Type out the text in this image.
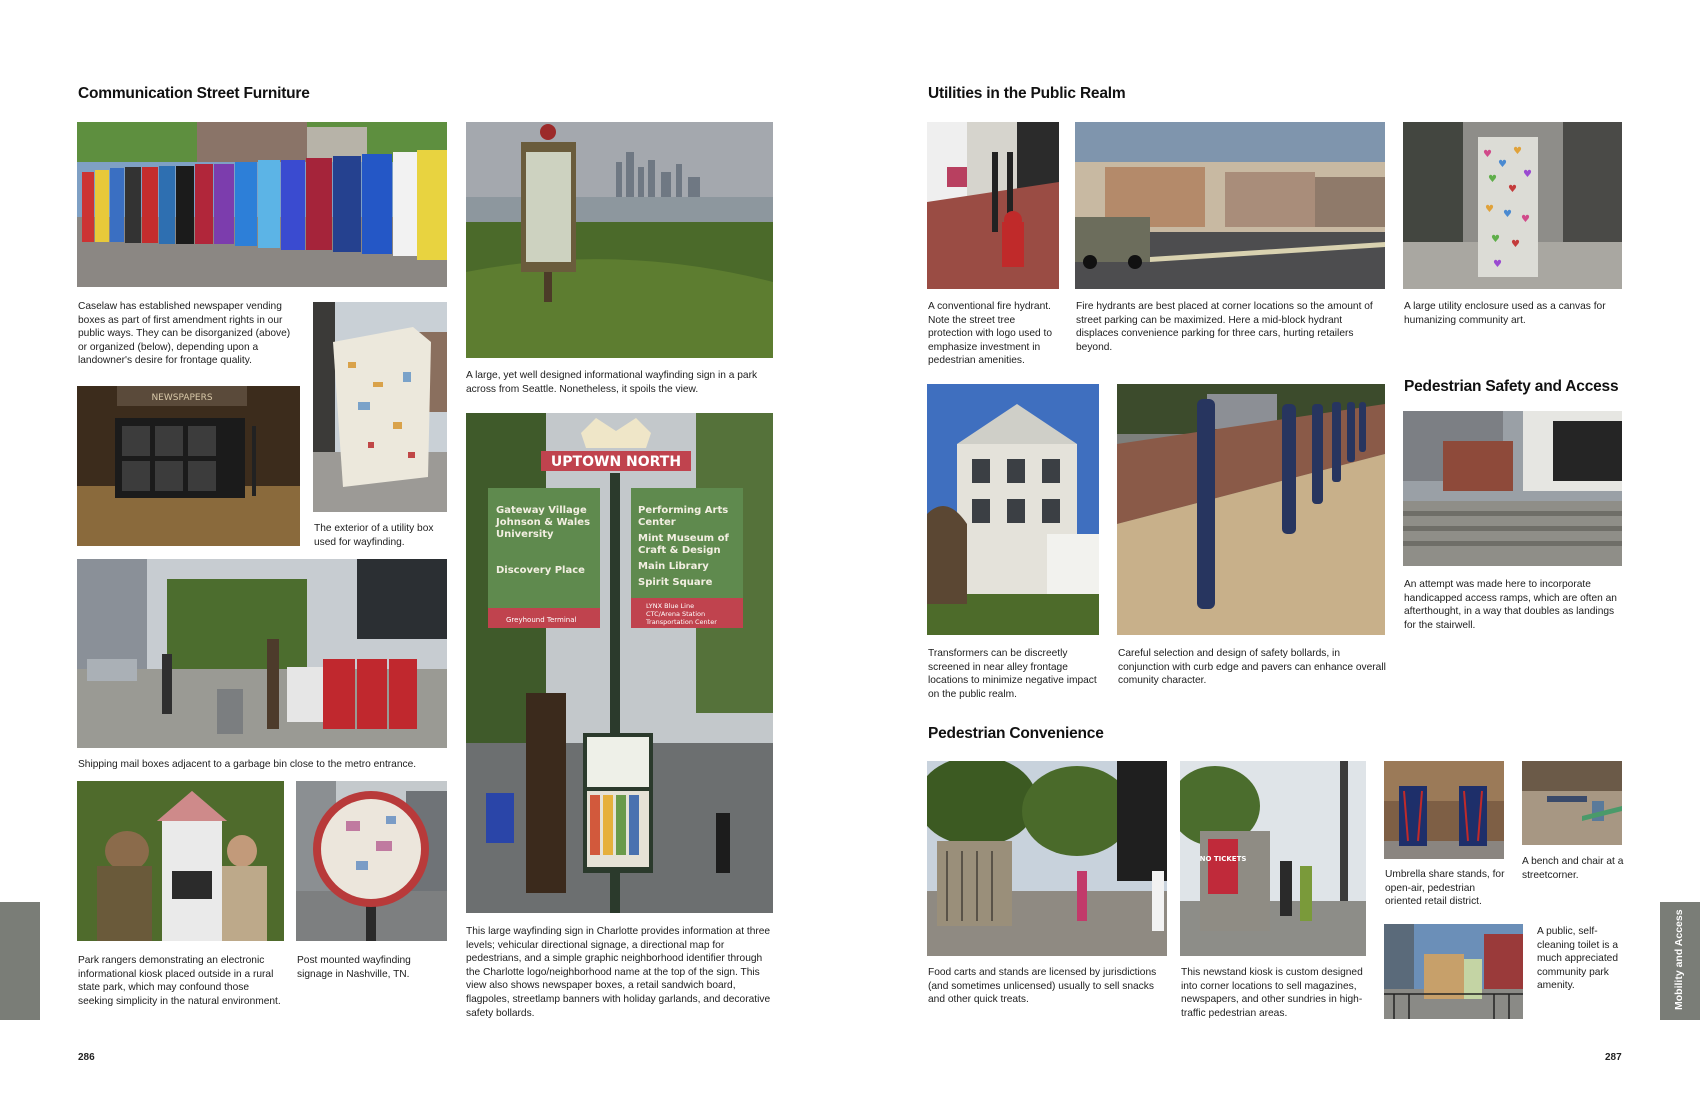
Communication Street Furniture
Caselaw has established newspaper vending boxes as part of first amendment rights in our public ways. They can be disorganized (above) or organized (below), depending upon a landowner's desire for frontage quality.
NEWSPAPERS
The exterior of a utility box used for wayfinding.
A large, yet well designed informational wayfinding sign in a park across from Seattle. Nonetheless, it spoils the view.
Shipping mail boxes adjacent to a garbage bin close to the metro entrance.
Park rangers demonstrating an electronic informational kiosk placed outside in a rural state park, which may confound those seeking simplicity in the natural environment.
Post mounted wayfinding signage in Nashville, TN.
UPTOWN NORTH
Gateway Village
Johnson & Wales
University
Discovery Place
Greyhound Terminal
Performing Arts
Center
Mint Museum of
Craft & Design
Main Library
Spirit Square
LYNX Blue Line
CTC/Arena Station
Transportation Center
This large wayfinding sign in Charlotte provides information at three levels; vehicular directional signage, a directional map for pedestrians, and a simple graphic neighborhood identifier through the Charlotte logo/neighborhood name at the top of the sign. This view also shows newspaper boxes, a retail sandwich board, flagpoles, streetlamp banners with holiday garlands, and decorative safety bollards.
286
Utilities in the Public Realm
♥
♥
♥
♥
♥
♥
♥ ♥ ♥
♥ ♥
♥
A conventional fire hydrant. Note the street tree protection with logo used to emphasize investment in pedestrian amenities.
Fire hydrants are best placed at corner locations so the amount of street parking can be maximized. Here a mid-block hydrant displaces convenience parking for three cars, hurting retailers beyond.
A large utility enclosure used as a canvas for humanizing community art.
Pedestrian Safety and Access
An attempt was made here to incorporate handicapped access ramps, which are often an afterthought, in a way that doubles as landings for the stairwell.
Transformers can be discreetly screened in near alley frontage locations to minimize negative impact on the public realm.
Careful selection and design of safety bollards, in conjunction with curb edge and pavers can enhance overall comunity character.
Pedestrian Convenience
NO TICKETS
Umbrella share stands, for open-air, pedestrian oriented retail district.
A bench and chair at a streetcorner.
A public, self-cleaning toilet is a much appreciated community park amenity.
Food carts and stands are licensed by jurisdictions (and sometimes unlicensed) usually to sell snacks and other quick treats.
This newstand kiosk is custom designed into corner locations to sell magazines, newspapers, and other sundries in high-traffic pedestrian areas.
Mobility and Access
287
